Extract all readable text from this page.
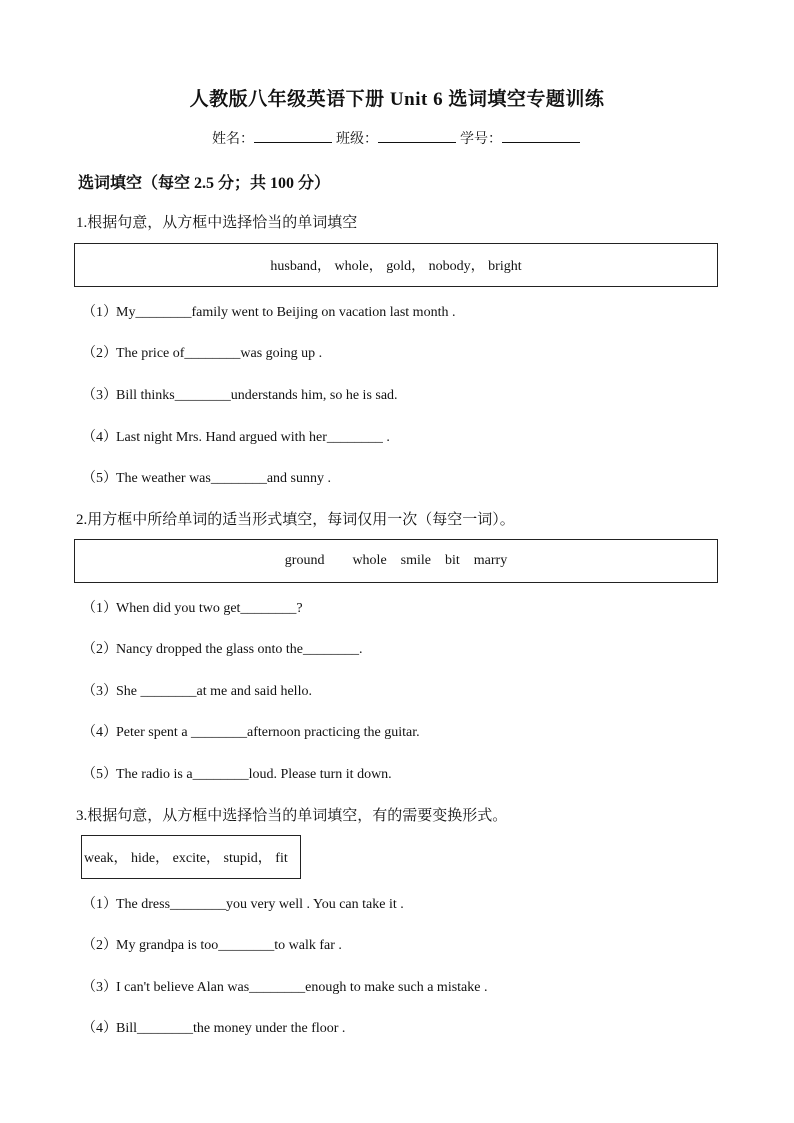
人教版八年级英语下册 Unit 6 选词填空专题训练
姓名：	班级：	学号：
选词填空（每空 2.5 分；共 100 分）
1.根据句意，从方框中选择恰当的单词填空
husband， whole， gold， nobody， bright
（1）My________family went to Beijing on vacation last month .
（2）The price of________was going up .
（3）Bill thinks________understands him, so he is sad.
（4）Last night Mrs. Hand argued with her________ .
（5）The weather was________and sunny .
2.用方框中所给单词的适当形式填空，每词仅用一次（每空一词）。
ground        whole    smile    bit    marry
（1）When did you two get________?
（2）Nancy dropped the glass onto the________.
（3）She ________at me and said hello.
（4）Peter spent a ________afternoon practicing the guitar.
（5）The radio is a________loud. Please turn it down.
3.根据句意，从方框中选择恰当的单词填空，有的需要变换形式。
weak， hide， excite， stupid， fit
（1）The dress________you very well . You can take it .
（2）My grandpa is too________to walk far .
（3）I can't believe Alan was________enough to make such a mistake .
（4）Bill________the money under the floor .
